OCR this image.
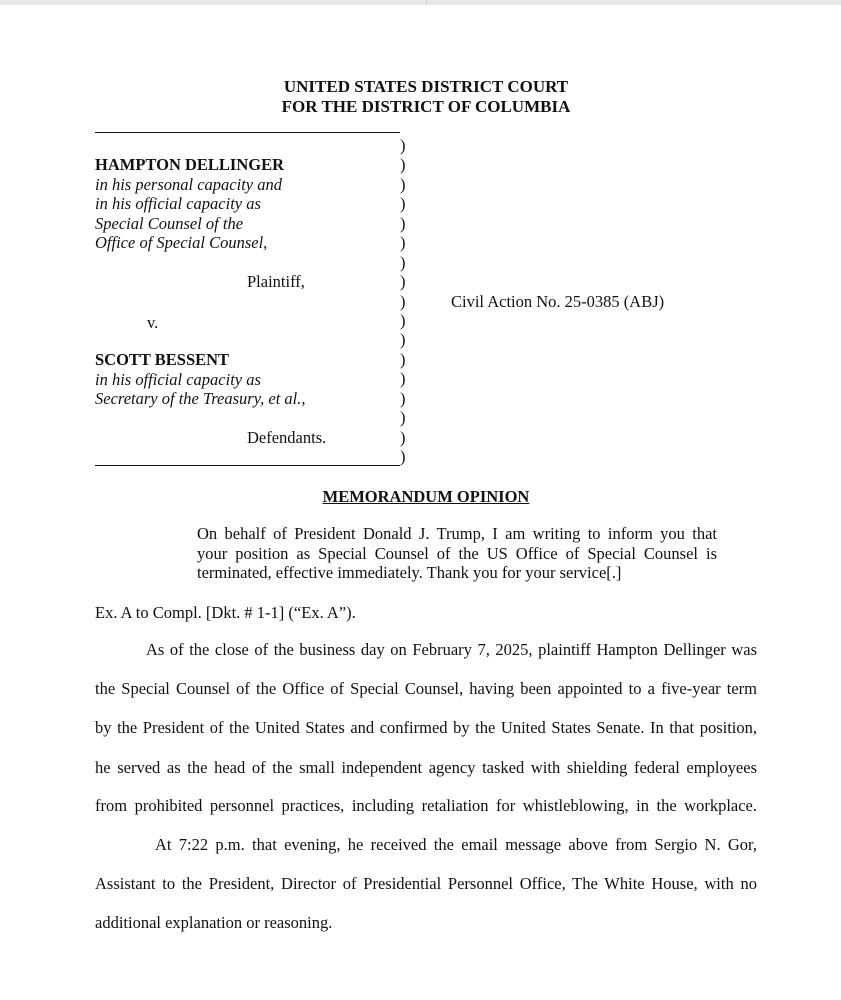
UNITED STATES DISTRICT COURT
FOR THE DISTRICT OF COLUMBIA
)
)
)
)
)
)
)
)
)
)
)
)
)
)
)
)
)
HAMPTON DELLINGER
in his personal capacity and
in his official capacity as
Special Counsel of the
Office of Special Counsel,
Plaintiff,
v.
SCOTT BESSENT
in his official capacity as
Secretary of the Treasury, et al.,
Defendants.
Civil Action No. 25-0385 (ABJ)
MEMORANDUM OPINION
On behalf of President Donald J. Trump, I am writing to inform you that
your position as Special Counsel of the US Office of Special Counsel is
terminated, effective immediately. Thank you for your service[.]
Ex. A to Compl. [Dkt. # 1-1] (“Ex. A”).
As of the close of the business day on February 7, 2025, plaintiff Hampton Dellinger was
the Special Counsel of the Office of Special Counsel, having been appointed to a five-year term
by the President of the United States and confirmed by the United States Senate. In that position,
he served as the head of the small independent agency tasked with shielding federal employees
from prohibited personnel practices, including retaliation for whistleblowing, in the workplace.
At 7:22 p.m. that evening, he received the email message above from Sergio N. Gor,
Assistant to the President, Director of Presidential Personnel Office, The White House, with no
additional explanation or reasoning.
